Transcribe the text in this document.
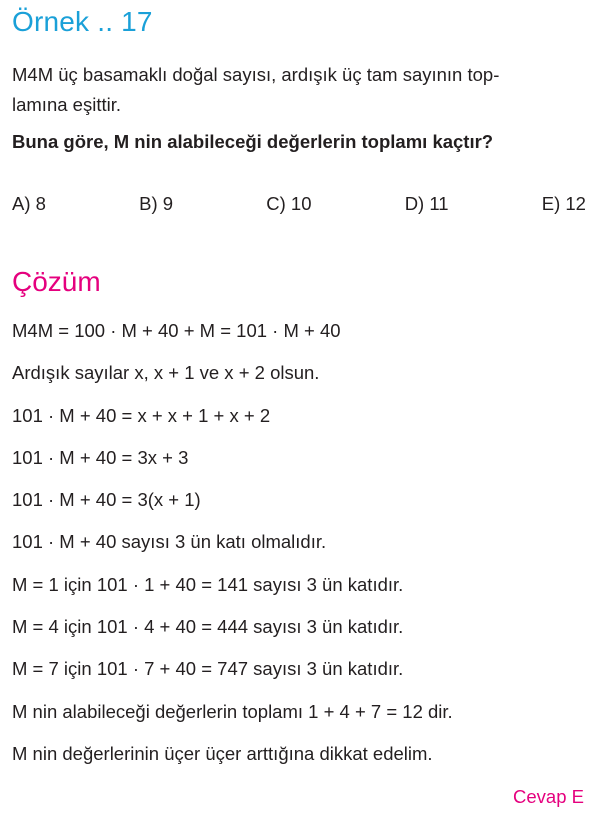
Örnek .. 17
M4M üç basamaklı doğal sayısı, ardışık üç tam sayının top-
lamına eşittir.
Buna göre, M nin alabileceği değerlerin toplamı kaçtır?
A) 8	B) 9	C) 10	D) 11	E) 12
Çözüm
M4M = 100 · M + 40 + M = 101 · M + 40
Ardışık sayılar x, x + 1 ve x + 2 olsun.
101 · M + 40 = x + x + 1 + x + 2
101 · M + 40 = 3x + 3
101 · M + 40 = 3(x + 1)
101 · M + 40 sayısı 3 ün katı olmalıdır.
M = 1 için 101 · 1 + 40 = 141 sayısı 3 ün katıdır.
M = 4 için 101 · 4 + 40 = 444 sayısı 3 ün katıdır.
M = 7 için 101 · 7 + 40 = 747 sayısı 3 ün katıdır.
M nin alabileceği değerlerin toplamı 1 + 4 + 7 = 12 dir.
M nin değerlerinin üçer üçer arttığına dikkat edelim.
Cevap E
